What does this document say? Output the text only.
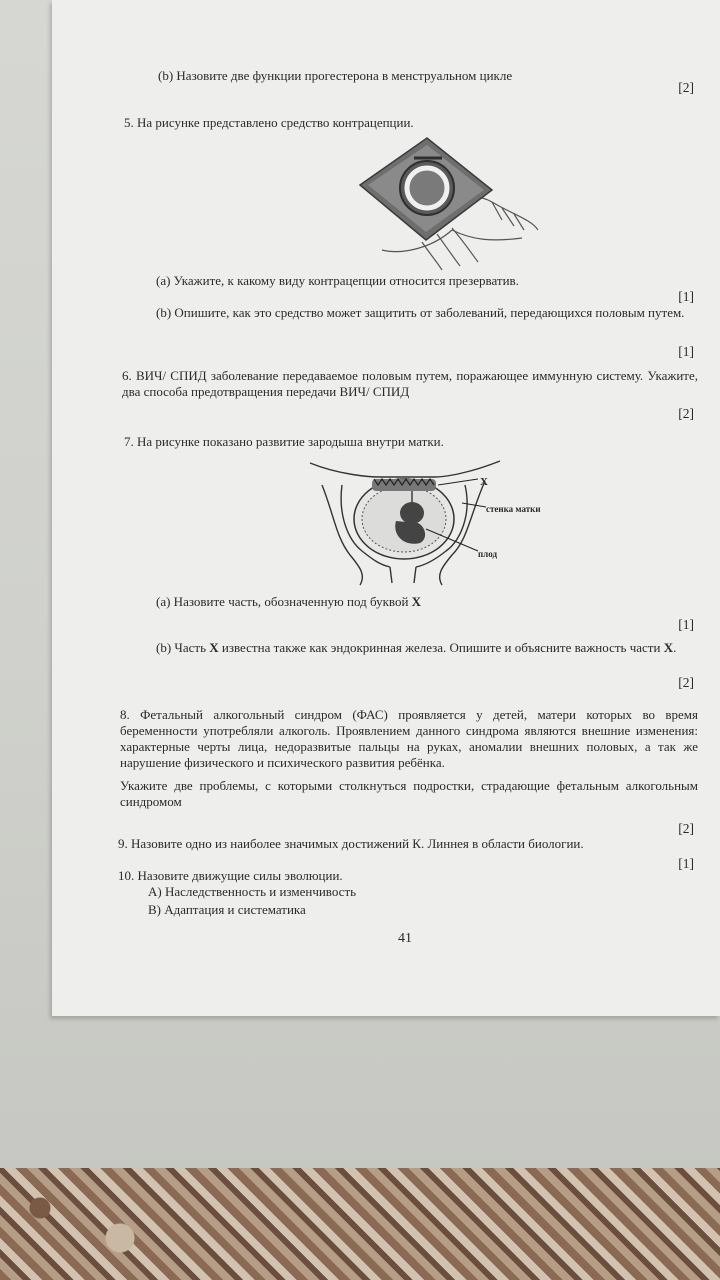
(b) Назовите две функции прогестерона в менструальном цикле
[2]
5. На рисунке представлено средство контрацепции.
(a) Укажите, к какому виду контрацепции относится презерватив.
[1]
(b) Опишите, как это средство может защитить от заболеваний, передающихся половым путем.
[1]
6. ВИЧ/ СПИД заболевание передаваемое половым путем, поражающее иммунную систему. Укажите, два способа предотвращения передачи ВИЧ/ СПИД
[2]
7. На рисунке показано развитие зародыша внутри матки.
X
стенка матки
плод
(a) Назовите часть, обозначенную под буквой X
[1]
(b) Часть X известна также как эндокринная железа. Опишите и объясните важность части X.
[2]
8. Фетальный алкогольный синдром (ФАС) проявляется у детей, матери которых во время беременности употребляли алкоголь. Проявлением данного синдрома являются внешние изменения: характерные черты лица, недоразвитые пальцы на руках, аномалии внешних половых, а так же нарушение физического и психического развития ребёнка.
Укажите две проблемы, с которыми столкнуться подростки, страдающие фетальным алкогольным синдромом
[2]
9. Назовите одно из наиболее значимых достижений К. Линнея в области биологии.
[1]
10. Назовите движущие силы эволюции.
A) Наследственность и изменчивость
B) Адаптация и систематика
41
